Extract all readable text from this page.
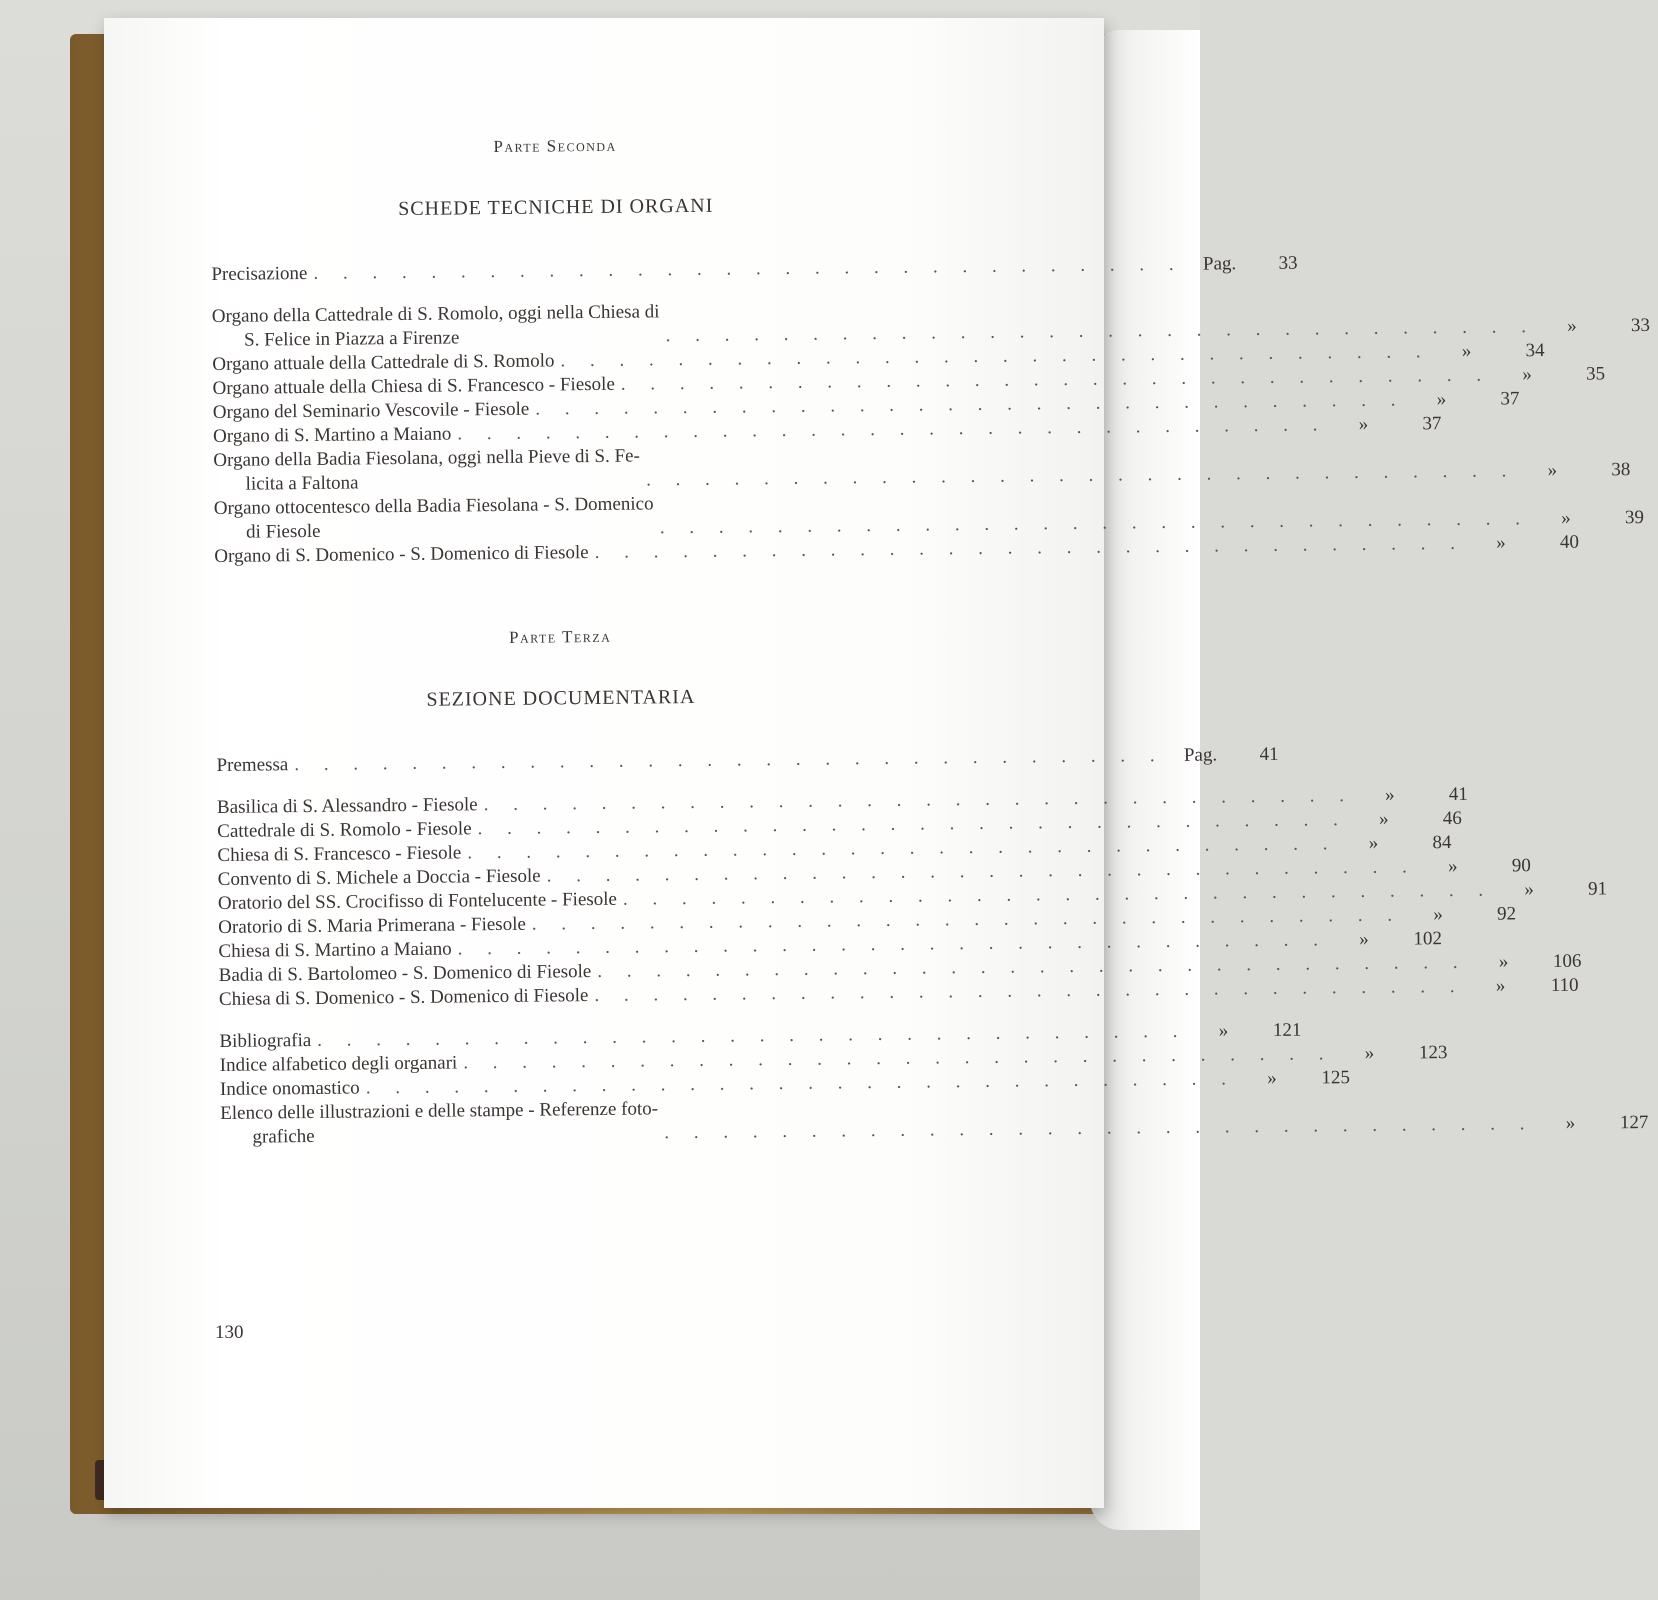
Parte Seconda
SCHEDE TECNICHE DI ORGANI
Precisazione . . . . . . . . . . . . . . . . . . . . . . . . . . . . . .	Pag.	33
Organo della Cattedrale di S. Romolo, oggi nella Chiesa di
S. Felice in Piazza a Firenze	. . . . . . . . . . . . . . . . . . . . . . . . . . . . . .	»	33
Organo attuale della Cattedrale di S. Romolo . . . . . . . . . . . . . . . . . . . . . . . . . . . . . .	»	34
Organo attuale della Chiesa di S. Francesco - Fiesole . . . . . . . . . . . . . . . . . . . . . . . . . . . . . .	»	35
Organo del Seminario Vescovile - Fiesole . . . . . . . . . . . . . . . . . . . . . . . . . . . . . .	»	37
Organo di S. Martino a Maiano . . . . . . . . . . . . . . . . . . . . . . . . . . . . . .	»	37
Organo della Badia Fiesolana, oggi nella Pieve di S. Fe-
licita a Faltona	. . . . . . . . . . . . . . . . . . . . . . . . . . . . . .	»	38
Organo ottocentesco della Badia Fiesolana - S. Domenico
di Fiesole	. . . . . . . . . . . . . . . . . . . . . . . . . . . . . .	»	39
Organo di S. Domenico - S. Domenico di Fiesole . . . . . . . . . . . . . . . . . . . . . . . . . . . . . .	»	40
Parte Terza
SEZIONE DOCUMENTARIA
Premessa . . . . . . . . . . . . . . . . . . . . . . . . . . . . . .	Pag.	41
Basilica di S. Alessandro - Fiesole . . . . . . . . . . . . . . . . . . . . . . . . . . . . . .	»	41
Cattedrale di S. Romolo - Fiesole . . . . . . . . . . . . . . . . . . . . . . . . . . . . . .	»	46
Chiesa di S. Francesco - Fiesole . . . . . . . . . . . . . . . . . . . . . . . . . . . . . .	»	84
Convento di S. Michele a Doccia - Fiesole . . . . . . . . . . . . . . . . . . . . . . . . . . . . . .	»	90
Oratorio del SS. Crocifisso di Fontelucente - Fiesole . . . . . . . . . . . . . . . . . . . . . . . . . . . . . .	»	91
Oratorio di S. Maria Primerana - Fiesole . . . . . . . . . . . . . . . . . . . . . . . . . . . . . .	»	92
Chiesa di S. Martino a Maiano . . . . . . . . . . . . . . . . . . . . . . . . . . . . . .	»	102
Badia di S. Bartolomeo - S. Domenico di Fiesole . . . . . . . . . . . . . . . . . . . . . . . . . . . . . .	»	106
Chiesa di S. Domenico - S. Domenico di Fiesole . . . . . . . . . . . . . . . . . . . . . . . . . . . . . .	»	110
Bibliografia . . . . . . . . . . . . . . . . . . . . . . . . . . . . . .	»	121
Indice alfabetico degli organari . . . . . . . . . . . . . . . . . . . . . . . . . . . . . .	»	123
Indice onomastico . . . . . . . . . . . . . . . . . . . . . . . . . . . . . .	»	125
Elenco delle illustrazioni e delle stampe - Referenze foto-
grafiche	. . . . . . . . . . . . . . . . . . . . . . . . . . . . . .	»	127
130
